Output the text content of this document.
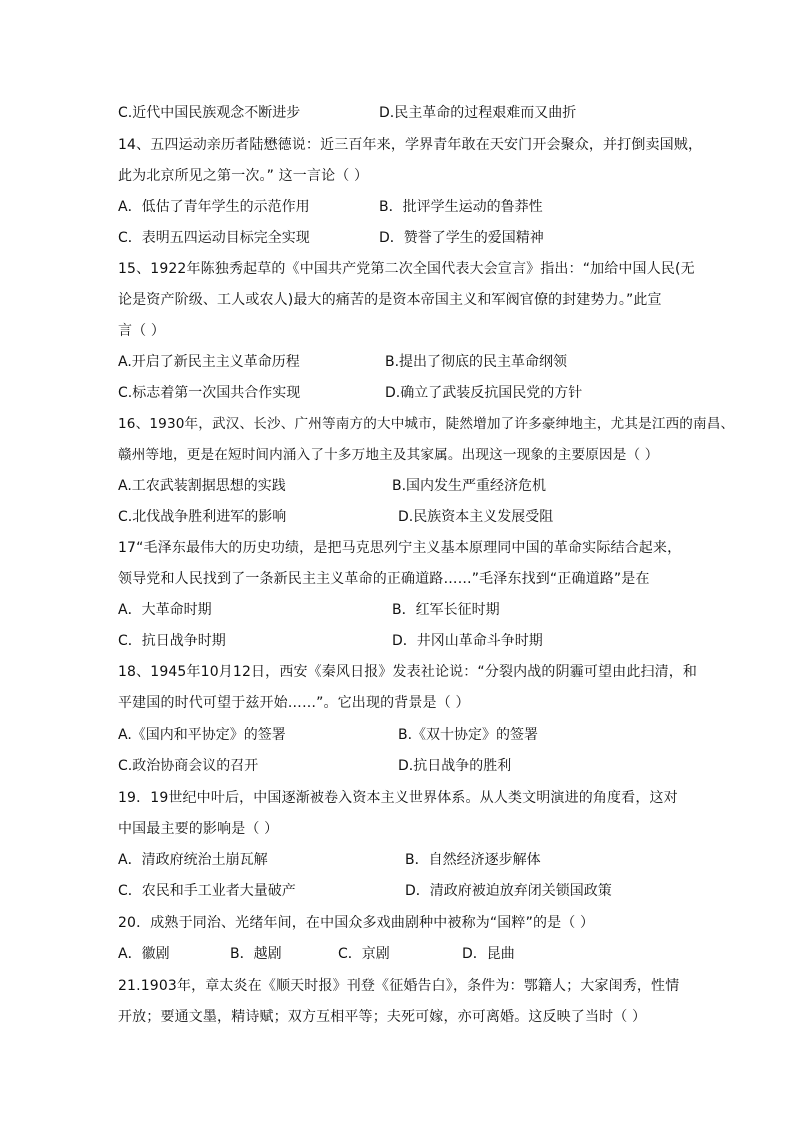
C.近代中国民族观念不断进步	D.民主革命的过程艰难而又曲折
14、五四运动亲历者陆懋德说：近三百年来，学界青年敢在天安门开会聚众，并打倒卖国贼，
此为北京所见之第一次。” 这一言论（ ）
A．低估了青年学生的示范作用	B．批评学生运动的鲁莽性
C．表明五四运动目标完全实现	D．赞誉了学生的爱国精神
15、1922年陈独秀起草的《中国共产党第二次全国代表大会宣言》指出：“加给中国人民(无
论是资产阶级、工人或农人)最大的痛苦的是资本帝国主义和军阀官僚的封建势力。”此宣
言（ ）
A.开启了新民主主义革命历程	B.提出了彻底的民主革命纲领
C.标志着第一次国共合作实现	D.确立了武装反抗国民党的方针
16、1930年，武汉、长沙、广州等南方的大中城市，陡然增加了许多豪绅地主，尤其是江西的南昌、
赣州等地，更是在短时间内涌入了十多万地主及其家属。出现这一现象的主要原因是（ ）
A.工农武装割据思想的实践	B.国内发生严重经济危机
C.北伐战争胜利进军的影响	D.民族资本主义发展受阻
17“毛泽东最伟大的历史功绩，是把马克思列宁主义基本原理同中国的革命实际结合起来，
领导党和人民找到了一条新民主主义革命的正确道路……”毛泽东找到“正确道路”是在
A．大革命时期	B．红军长征时期
C．抗日战争时期	D．井冈山革命斗争时期
18、1945年10月12日，西安《秦风日报》发表社论说：“分裂内战的阴霾可望由此扫清，和
平建国的时代可望于兹开始……”。它出现的背景是（ ）
A.《国内和平协定》的签署	B.《双十协定》的签署
C.政治协商会议的召开	D.抗日战争的胜利
19．19世纪中叶后，中国逐渐被卷入资本主义世界体系。从人类文明演进的角度看，这对
中国最主要的影响是（ ）
A．清政府统治土崩瓦解	B．自然经济逐步解体
C．农民和手工业者大量破产	D．清政府被迫放弃闭关锁国政策
20．成熟于同治、光绪年间，在中国众多戏曲剧种中被称为“国粹”的是（ ）
A．徽剧	B．越剧	C．京剧	D．昆曲
21.1903年，章太炎在《顺天时报》刊登《征婚告白》，条件为：鄂籍人；大家闺秀，性情
开放；要通文墨，精诗赋；双方互相平等；夫死可嫁，亦可离婚。这反映了当时（ ）
